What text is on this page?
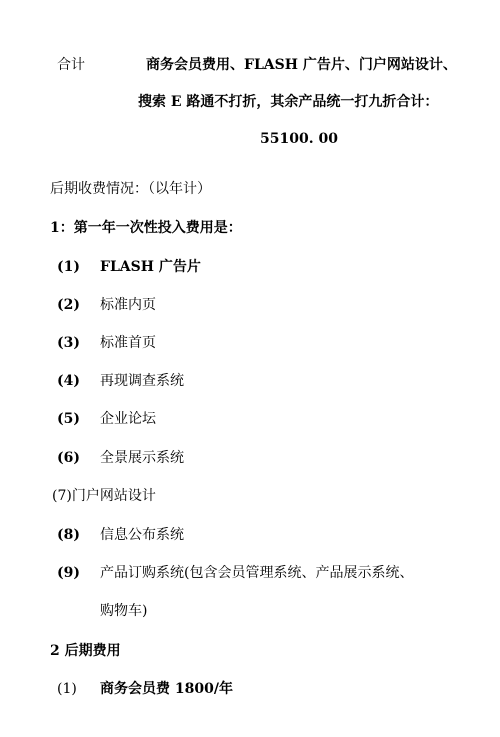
合计	商务会员费用、FLASH 广告片、门户网站设计、
搜索 E 路通不打折，其余产品统一打九折合计：
55100. 00
后期收费情况：（以年计）
1：第一年一次性投入费用是：
(1) FLASH 广告片
(2) 标准内页
(3) 标准首页
(4) 再现调查系统
(5) 企业论坛
(6) 全景展示系统
(7)门户网站设计
(8) 信息公布系统
(9) 产品订购系统(包含会员管理系统、产品展示系统、
购物车)
2 后期费用
(1) 商务会员费 1800/年
